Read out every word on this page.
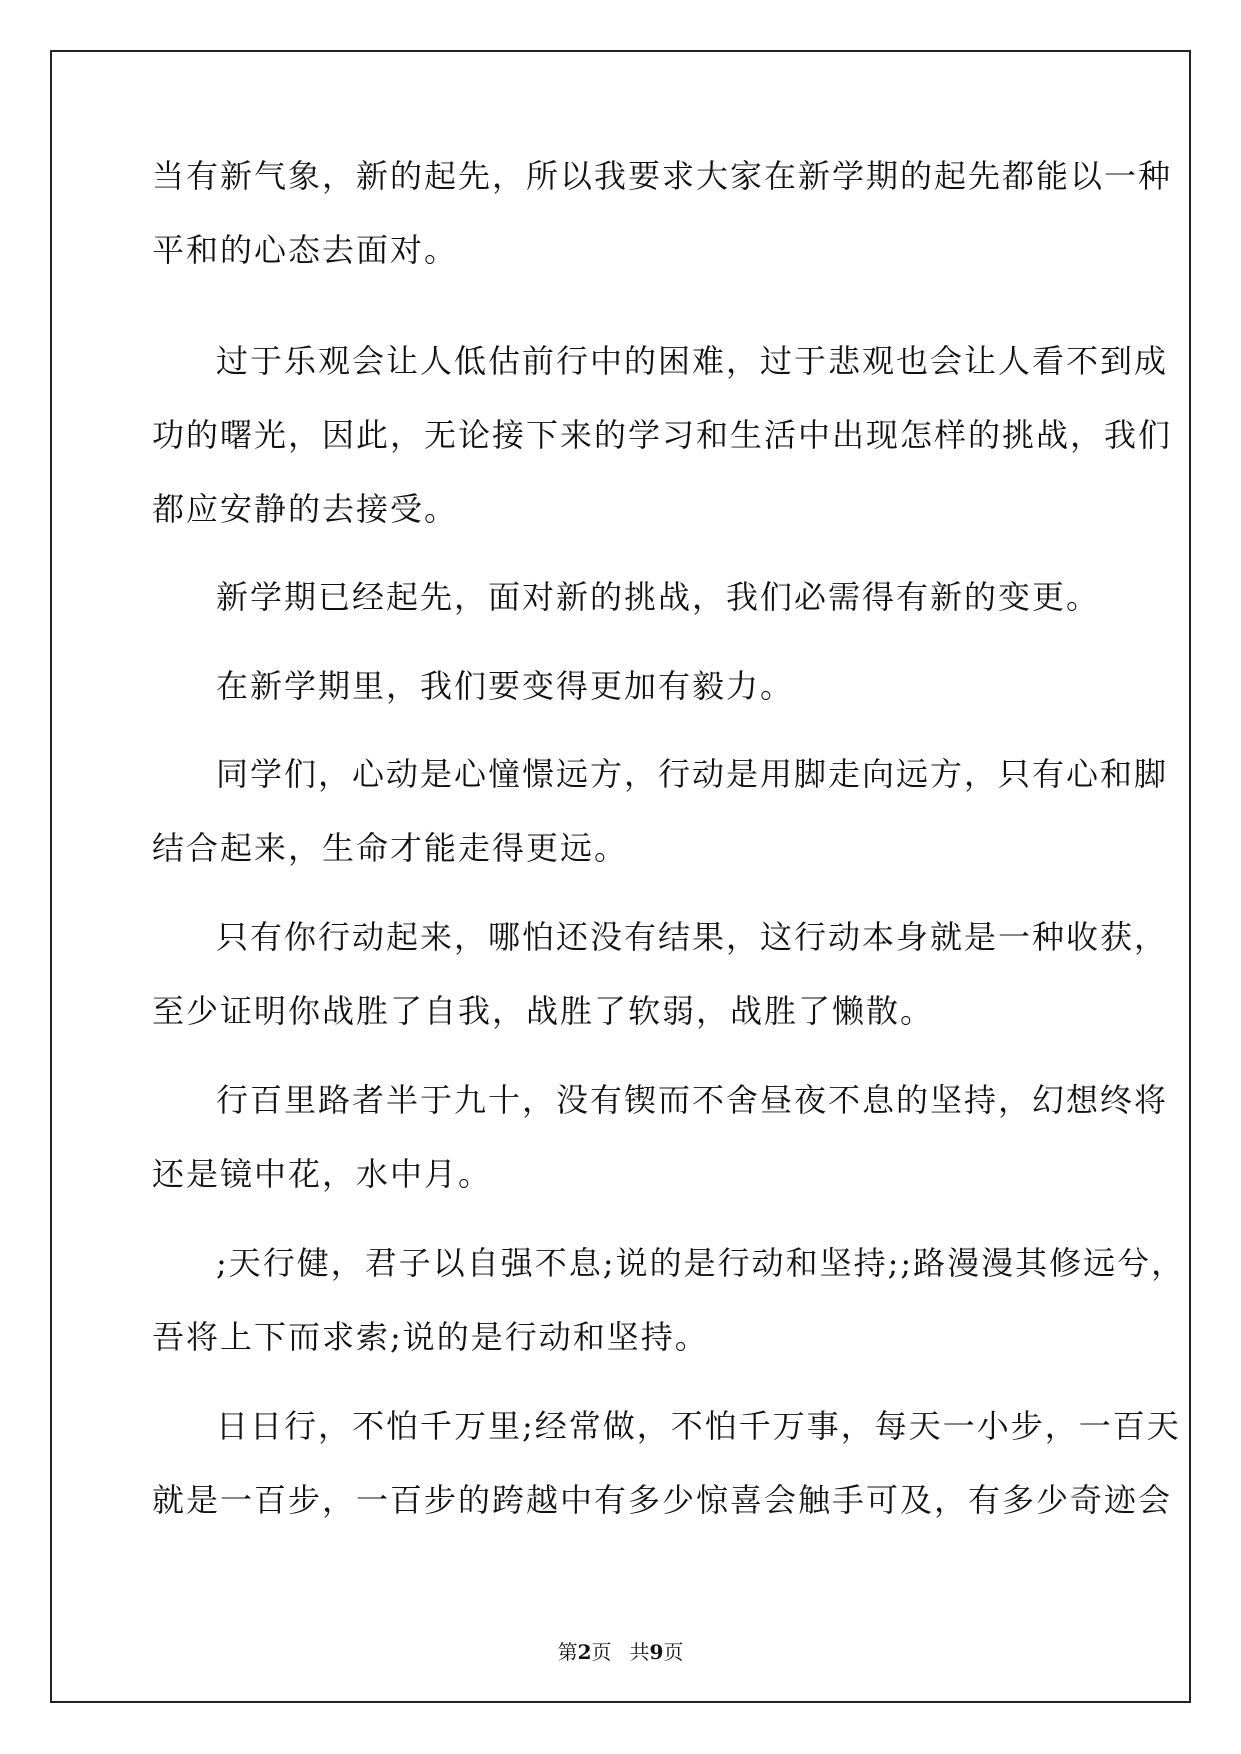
当有新气象，新的起先，所以我要求大家在新学期的起先都能以一种
平和的心态去面对。
过于乐观会让人低估前行中的困难，过于悲观也会让人看不到成
功的曙光，因此，无论接下来的学习和生活中出现怎样的挑战，我们
都应安静的去接受。
新学期已经起先，面对新的挑战，我们必需得有新的变更。
在新学期里，我们要变得更加有毅力。
同学们，心动是心憧憬远方，行动是用脚走向远方，只有心和脚
结合起来，生命才能走得更远。
只有你行动起来，哪怕还没有结果，这行动本身就是一种收获，
至少证明你战胜了自我，战胜了软弱，战胜了懒散。
行百里路者半于九十，没有锲而不舍昼夜不息的坚持，幻想终将
还是镜中花，水中月。
;天行健，君子以自强不息;说的是行动和坚持;;路漫漫其修远兮，
吾将上下而求索;说的是行动和坚持。
日日行，不怕千万里;经常做，不怕千万事，每天一小步，一百天
就是一百步，一百步的跨越中有多少惊喜会触手可及，有多少奇迹会
第2页 共9页
